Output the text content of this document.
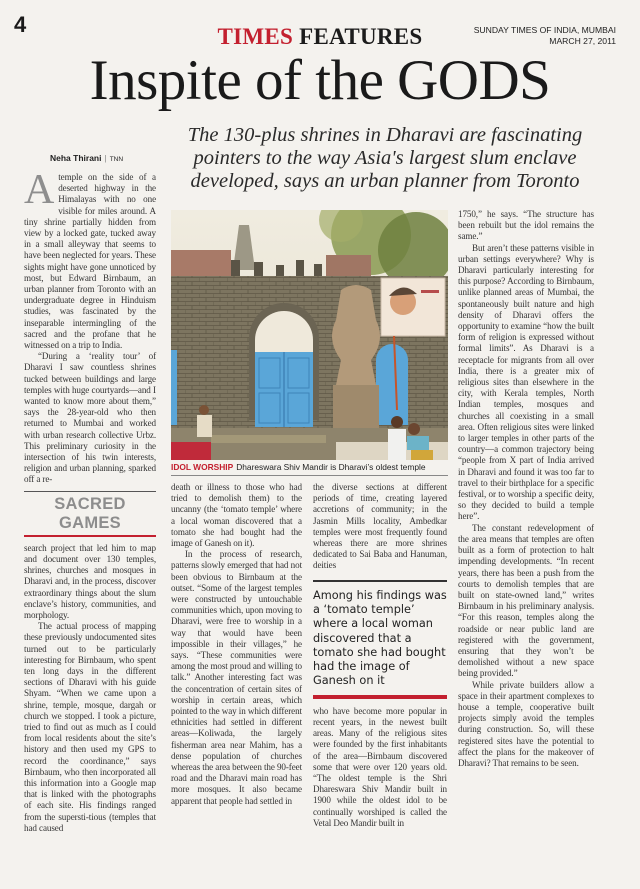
4	TIMES FEATURES	SUNDAY TIMES OF INDIA, MUMBAI
MARCH 27, 2011
Inspite of the GODS
Neha Thirani | TNN
The 130-plus shrines in Dharavi are fascinating pointers to the way Asia's largest slum enclave developed, says an urban planner from Toronto

Atemple on the side of a deserted highway in the Himalayas with no one visible for miles around. A tiny shrine partially hidden from view by a locked gate, tucked away in a small alleyway that seems to have been neglected for years. These sights might have gone unnoticed by most, but Edward Birnbaum, an urban planner from Toronto with an undergraduate degree in Hinduism studies, was fascinated by the inseparable intermingling of the sacred and the profane that he witnessed on a trip to India.

“During a ‘reality tour’ of Dharavi I saw countless shrines tucked between buildings and large temples with huge courtyards—and I wanted to know more about them,” says the 28-year-old who then returned to Mumbai and worked with urban research collective Urbz. This preliminary curiosity in the intersection of his twin interests, religion and urban planning, sparked off a re-

SACRED GAMES

search project that led him to map and document over 130 temples, shrines, churches and mosques in Dharavi and, in the process, discover extraordinary things about the slum enclave’s history, communities, and morphology.

The actual process of mapping these previously undocumented sites turned out to be particularly interesting for Birnbaum, who spent ten long days in the different sections of Dharavi with his guide Shyam. “When we came upon a shrine, temple, mosque, dargah or church we stopped. I took a picture, tried to find out as much as I could from local residents about the site’s history and then used my GPS to record the coordinance,” says Birnbaum, who then incorporated all this information into a Google map that is linked with the photographs of each site. His findings ranged from the supersti-tious (temples that had caused

IDOL WORSHIP Dhareswara Shiv Mandir is Dharavi’s oldest temple

death or illness to those who had tried to demolish them) to the uncanny (the ‘tomato temple’ where a local woman discovered that a tomato she had bought had the image of Ganesh on it).

In the process of research, patterns slowly emerged that had not been obvious to Birnbaum at the outset. “Some of the largest temples were constructed by untouchable communities which, upon moving to Dharavi, were free to worship in a way that would have been impossible in their villages,” he says. “These communities were among the most proud and willing to talk.” Another interesting fact was the concentration of certain sites of worship in certain areas, which pointed to the way in which different ethnicities had settled in different areas—Koliwada, the largely fisherman area near Mahim, has a dense population of churches whereas the area between the 90-feet road and the Dharavi main road has more mosques. It also became apparent that people had settled in

the diverse sections at different periods of time, creating layered accretions of community; in the Jasmin Mills locality, Ambedkar temples were most frequently found whereas there are more shrines dedicated to Sai Baba and Hanuman, deities

Among his findings was a ‘tomato temple’ where a local woman discovered that a tomato she had bought had the image of Ganesh on it

who have become more popular in recent years, in the newest built areas. Many of the religious sites were founded by the first inhabitants of the area—Birnbaum discovered some that were over 120 years old. “The oldest temple is the Shri Dhareswara Shiv Mandir built in 1900 while the oldest idol to be continually worshiped is called the Vetal Deo Mandir built in

1750,” he says. “The structure has been rebuilt but the idol remains the same.”

But aren’t these patterns visible in urban settings everywhere? Why is Dharavi particularly interesting for this purpose? According to Birnbaum, unlike planned areas of Mumbai, the spontaneously built nature and high density of Dharavi offers the opportunity to examine “how the built form of religion is expressed without formal limits”. As Dharavi is a receptacle for migrants from all over India, there is a greater mix of religious sites than elsewhere in the city, with Kerala temples, North Indian temples, mosques and churches all coexisting in a small area. Often religious sites were linked to larger temples in other parts of the country—a common trajectory being “people from X part of India arrived in Dharavi and found it was too far to travel to their birthplace for a specific festival, or to worship a specific deity, so they decided to build a temple here”.

The constant redevelopment of the area means that temples are often built as a form of protection to halt impending developments. “In recent years, there has been a push from the courts to demolish temples that are built on state-owned land,” writes Birnbaum in his preliminary analysis. “For this reason, temples along the roadside or near public land are registered with the government, ensuring that they won’t be demolished without a new space being provided.”

While private builders allow a space in their apartment complexes to house a temple, cooperative built projects simply avoid the temples during construction. So, will these registered sites have the potential to affect the plans for the makeover of Dharavi? That remains to be seen.
